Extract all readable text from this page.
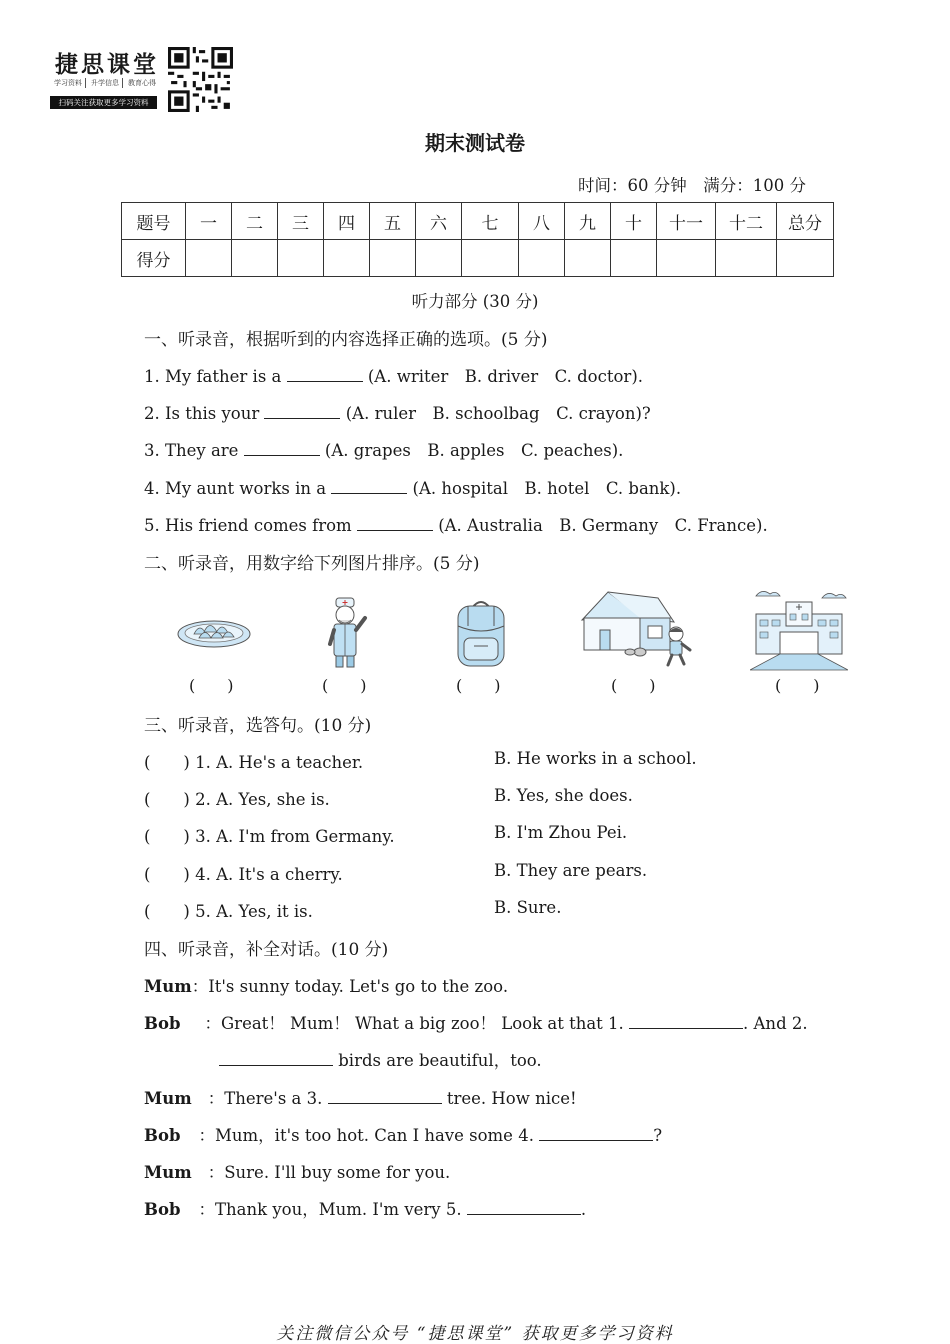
捷思课堂
学习资料	升学信息	教育心得
扫码关注获取更多学习资料
期末测试卷
时间：60 分钟　满分：100 分
题号	一	二	三	四	五	六	七	八	九	十	十一	十二	总分
得分													
听力部分 (30 分)
一、听录音，根据听到的内容选择正确的选项。(5 分)
1. My father is a	(A. writer　B. driver　C. doctor).
2. Is this your	(A. ruler　B. schoolbag　C. crayon)?
3. They are	(A. grapes　B. apples　C. peaches).
4. My aunt works in a	(A. hospital　B. hotel　C. bank).
5. His friend comes from	(A. Australia　B. Germany　C. France).
二、听录音，用数字给下列图片排序。(5 分)
(　　)	(　　)	(　　)	(　　)	(　　)
三、听录音，选答句。(10 分)
(　　) 1. A. He's a teacher.	B. He works in a school.
(　　) 2. A. Yes, she is.	B. Yes, she does.
(　　) 3. A. I'm from Germany.	B. I'm Zhou Pei.
(　　) 4. A. It's a cherry.	B. They are pears.
(　　) 5. A. Yes, it is.	B. Sure.
四、听录音，补全对话。(10 分)
Mum：It's sunny today. Let's go to the zoo.
Bob ：Great！ Mum！ What a big zoo！ Look at that 1.	. And 2.
birds are beautiful，too.
Mum ：There's a 3.	tree. How nice!
Bob ：Mum，it's too hot. Can I have some 4.	?
Mum ：Sure. I'll buy some for you.
Bob ：Thank you，Mum. I'm very 5.	.
关注微信公众号 “捷思课堂” 获取更多学习资料
